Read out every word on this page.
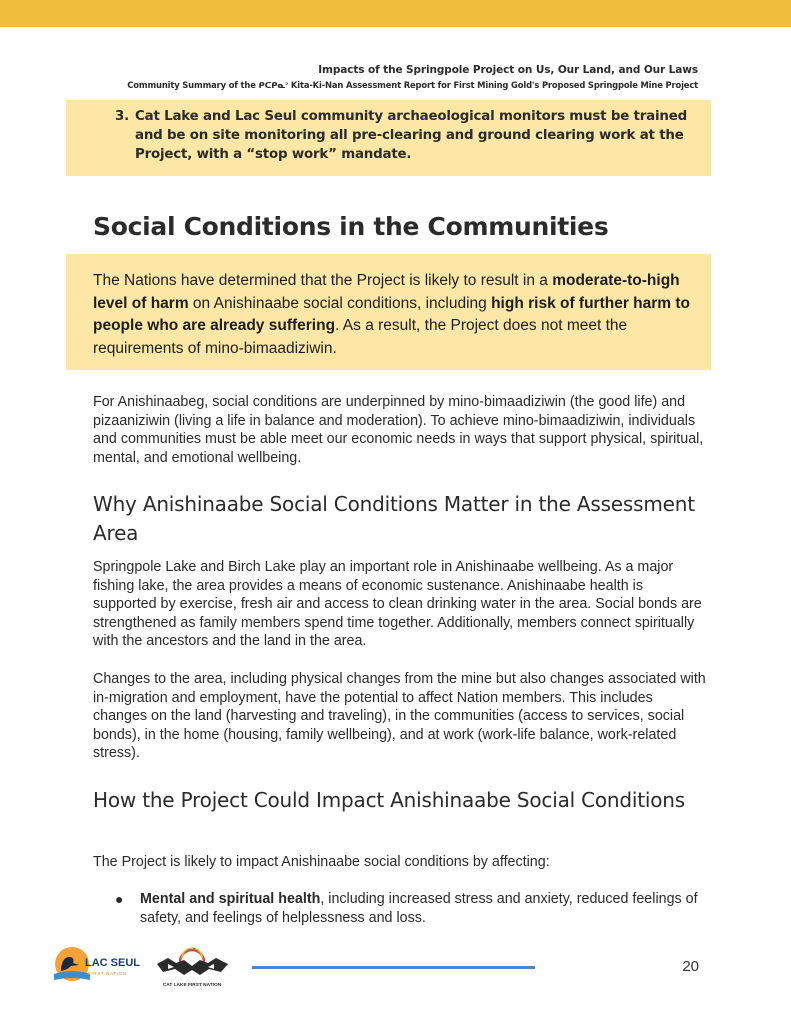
Impacts of the Springpole Project on Us, Our Land, and Our Laws
Community Summary of the ᑭᑕᑭᓇᐣ Kita-Ki-Nan Assessment Report for First Mining Gold's Proposed Springpole Mine Project
3. Cat Lake and Lac Seul community archaeological monitors must be trained and be on site monitoring all pre-clearing and ground clearing work at the Project, with a “stop work” mandate.
Social Conditions in the Communities
The Nations have determined that the Project is likely to result in a moderate-to-high level of harm on Anishinaabe social conditions, including high risk of further harm to people who are already suffering. As a result, the Project does not meet the requirements of mino-bimaadiziwin.
For Anishinaabeg, social conditions are underpinned by mino-bimaadiziwin (the good life) and pizaaniziwin (living a life in balance and moderation). To achieve mino-bimaadiziwin, individuals and communities must be able meet our economic needs in ways that support physical, spiritual, mental, and emotional wellbeing.
Why Anishinaabe Social Conditions Matter in the Assessment Area
Springpole Lake and Birch Lake play an important role in Anishinaabe wellbeing. As a major fishing lake, the area provides a means of economic sustenance. Anishinaabe health is supported by exercise, fresh air and access to clean drinking water in the area. Social bonds are strengthened as family members spend time together. Additionally, members connect spiritually with the ancestors and the land in the area.
Changes to the area, including physical changes from the mine but also changes associated with in-migration and employment, have the potential to affect Nation members. This includes changes on the land (harvesting and traveling), in the communities (access to services, social bonds), in the home (housing, family wellbeing), and at work (work-life balance, work-related stress).
How the Project Could Impact Anishinaabe Social Conditions
The Project is likely to impact Anishinaabe social conditions by affecting:
● Mental and spiritual health, including increased stress and anxiety, reduced feelings of safety, and feelings of helplessness and loss.
LAC SEUL
FIRST NATION
CAT LAKE FIRST NATION
20
